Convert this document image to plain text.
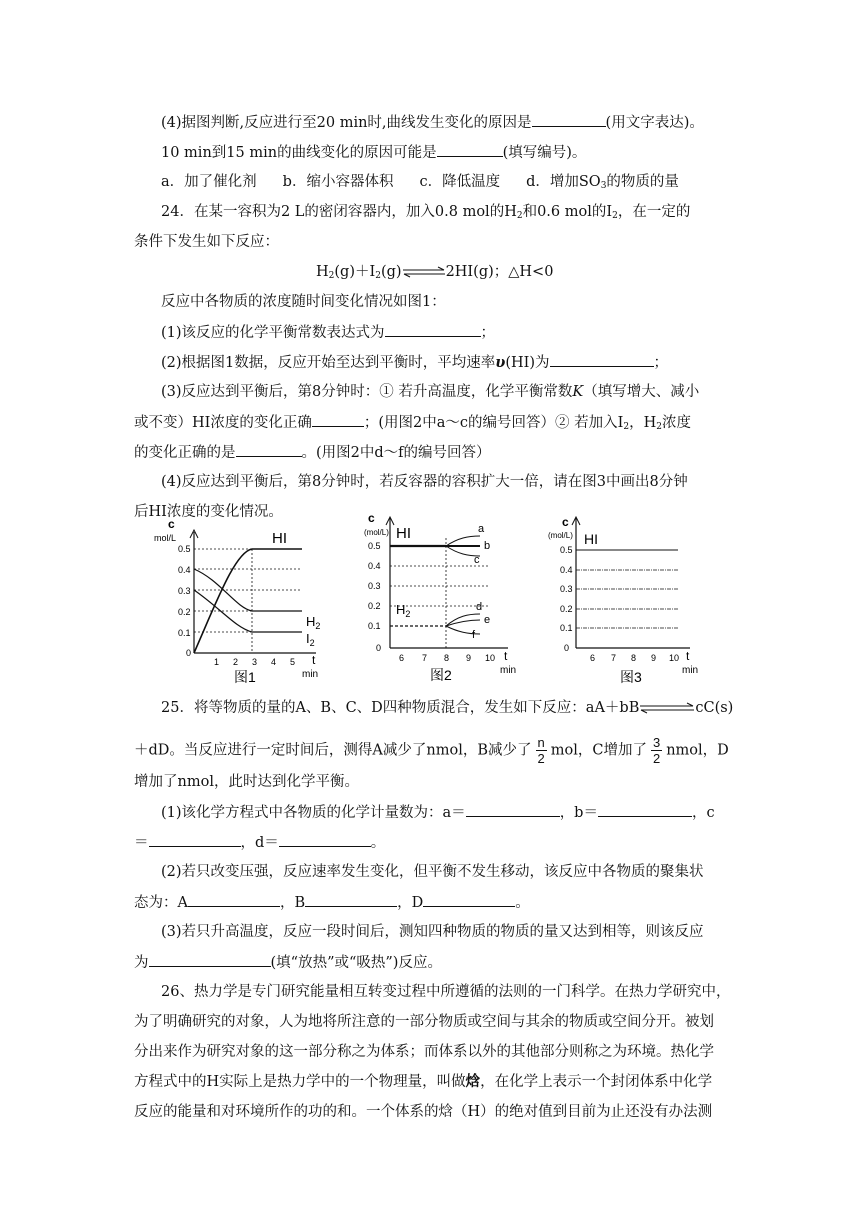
(4)据图判断,反应进行至20 min时,曲线发生变化的原因是	(用文字表达)。
10 min到15 min的曲线变化的原因可能是	(填写编号)。
a．加了催化剂 b．缩小容器体积 c．降低温度 d．增加$SO_3$的物质的量
24．在某一容积为2 L的密闭容器内，加入0.8 mol的$H_2$和0.6 mol的$I_2$，在一定的
条件下发生如下反应：
$H_2(g)+I_2(g)\rightleftharpoons 2HI(g)$；△H<0
反应中各物质的浓度随时间变化情况如图1：
(1)该反应的化学平衡常数表达式为	；
(2)根据图1数据，反应开始至达到平衡时，平均速率υ(HI)为	；
(3)反应达到平衡后，第8分钟时：① 若升高温度，化学平衡常数K（填写增大、减小
或不变）HI浓度的变化正确	；(用图2中a～c的编号回答）② 若加入$I_2$，$H_2$浓度
的变化正确的是	。(用图2中d～f的编号回答）
(4)反应达到平衡后，第8分钟时，若反容器的容积扩大一倍，请在图3中画出8分钟
后HI浓度的变化情况。
c
mol/L
0.5
0.4
0.3
0.2
0.1
0
1 2 3 4 5 t
min
HI
$H_2$
$I_2$
图1
c
(mol/L)
0.5
0.4
0.3
0.2
0.1
0
6 7 8 9 10 t
min
HI
$H_2$
a
b
c
d
e
f
图2
c
(mol/L)
0.5
0.4
0.3
0.2
0.1
0
6 7 8 9 10 t
min
HI
图3
25．将等物质的量的A、B、C、D四种物质混合，发生如下反应：aA＋bB⇌cC(s)
＋dD。当反应进行一定时间后，测得A减少了nmol，B减少了 $\frac{n}{2}$ mol，C增加了 $\frac{3}{2}$ nmol，D
增加了nmol，此时达到化学平衡。
(1)该化学方程式中各物质的化学计量数为：a＝	，b＝	，c
＝	，d＝	。
(2)若只改变压强，反应速率发生变化，但平衡不发生移动，该反应中各物质的聚集状
态为：A	，B	，D	。
(3)若只升高温度，反应一段时间后，测知四种物质的物质的量又达到相等，则该反应
为	(填“放热”或“吸热”)反应。
26、热力学是专门研究能量相互转变过程中所遵循的法则的一门科学。在热力学研究中，
为了明确研究的对象，人为地将所注意的一部分物质或空间与其余的物质或空间分开。被划
分出来作为研究对象的这一部分称之为体系；而体系以外的其他部分则称之为环境。热化学
方程式中的H实际上是热力学中的一个物理量，叫做焓，在化学上表示一个封闭体系中化学
反应的能量和对环境所作的功的和。一个体系的焓（H）的绝对值到目前为止还没有办法测
